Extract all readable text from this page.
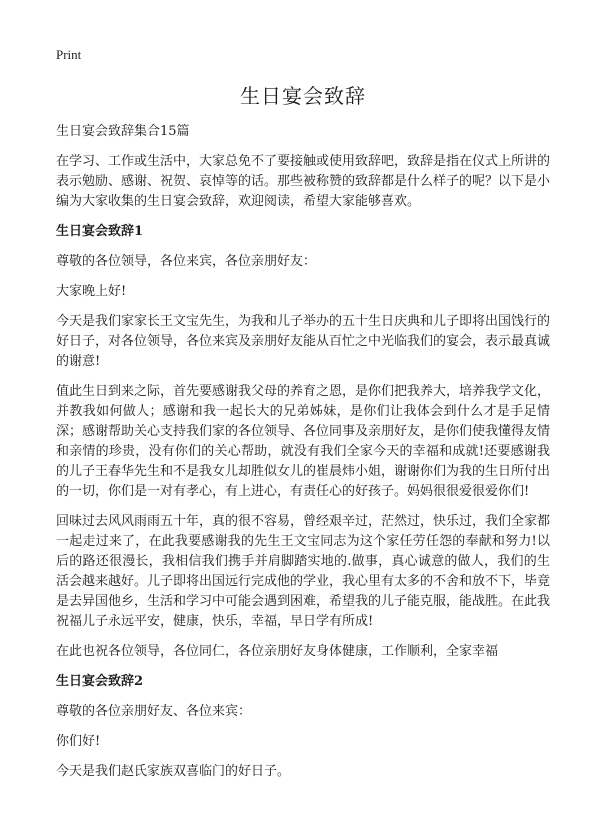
Print
生日宴会致辞

生日宴会致辞集合15篇

在学习、工作或生活中，大家总免不了要接触或使用致辞吧，致辞是指在仪式上所讲的表示勉励、感谢、祝贺、哀悼等的话。那些被称赞的致辞都是什么样子的呢？以下是小编为大家收集的生日宴会致辞，欢迎阅读，希望大家能够喜欢。

生日宴会致辞1

尊敬的各位领导，各位来宾，各位亲朋好友：

大家晚上好!

今天是我们家家长王文宝先生，为我和儿子举办的五十生日庆典和儿子即将出国饯行的好日子，对各位领导，各位来宾及亲朋好友能从百忙之中光临我们的宴会，表示最真诚的谢意!

值此生日到来之际，首先要感谢我父母的养育之恩，是你们把我养大，培养我学文化，并教我如何做人；感谢和我一起长大的兄弟姊妹，是你们让我体会到什么才是手足情深；感谢帮助关心支持我们家的各位领导、各位同事及亲朋好友，是你们使我懂得友情和亲情的珍贵，没有你们的关心帮助，就没有我们全家今天的幸福和成就!还要感谢我的儿子王春华先生和不是我女儿却胜似女儿的崔晨炜小姐，谢谢你们为我的生日所付出的一切，你们是一对有孝心，有上进心，有责任心的好孩子。妈妈很很爱很爱你们!

回味过去风风雨雨五十年，真的很不容易，曾经艰辛过，茫然过，快乐过，我们全家都一起走过来了，在此我要感谢我的先生王文宝同志为这个家任劳任怨的奉献和努力!以后的路还很漫长，我相信我们携手并肩脚踏实地的.做事，真心诚意的做人，我们的生活会越来越好。儿子即将出国远行完成他的学业，我心里有太多的不舍和放不下，毕竟是去异国他乡，生活和学习中可能会遇到困难，希望我的儿子能克服，能战胜。在此我祝福儿子永远平安，健康，快乐，幸福，早日学有所成!

在此也祝各位领导，各位同仁，各位亲朋好友身体健康，工作顺利，全家幸福

生日宴会致辞2

尊敬的各位亲朋好友、各位来宾：

你们好!

今天是我们赵氏家族双喜临门的好日子。
